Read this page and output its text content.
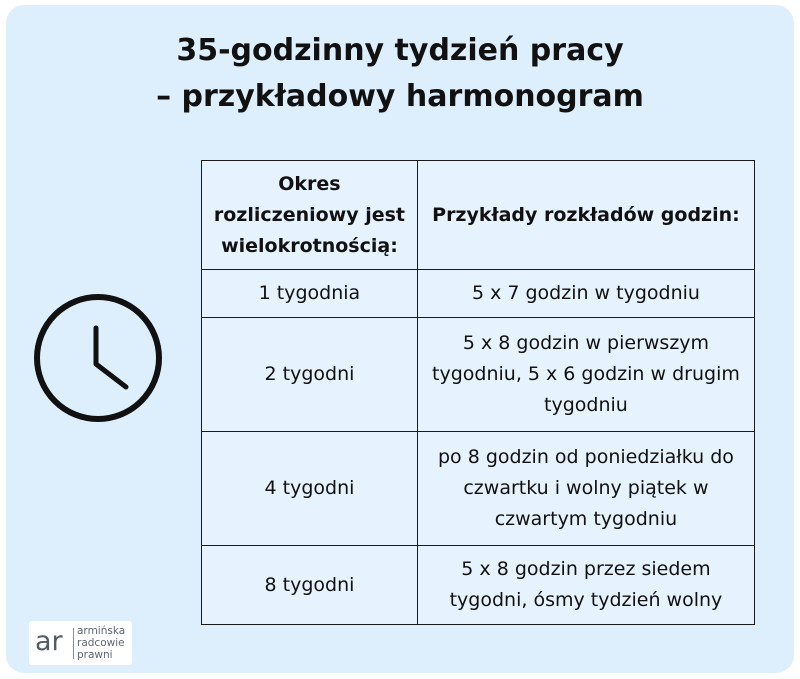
35-godzinny tydzień pracy
– przykładowy harmonogram
Okres rozliczeniowy jest wielokrotnością:	Przykłady rozkładów godzin:
1 tygodnia	5 x 7 godzin w tygodniu
2 tygodni	5 x 8 godzin w pierwszym tygodniu, 5 x 6 godzin w drugim tygodniu
4 tygodni	po 8 godzin od poniedziałku do czwartku i wolny piątek w czwartym tygodniu
8 tygodni	5 x 8 godzin przez siedem tygodni, ósmy tydzień wolny
ar armińska
radcowie
prawni
